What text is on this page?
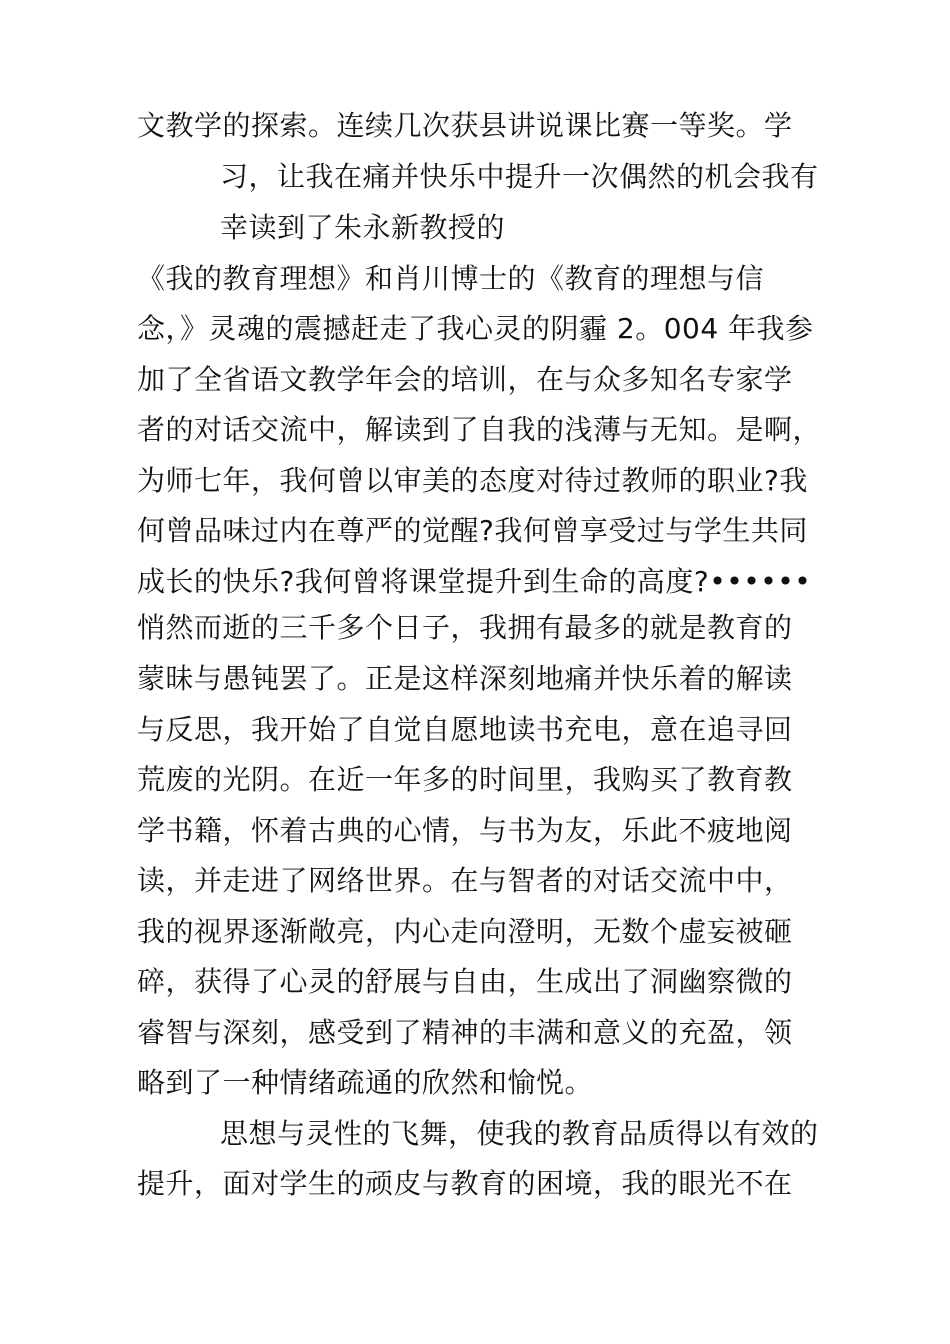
文教学的探索。连续几次获县讲说课比赛一等奖。学
习，让我在痛并快乐中提升一次偶然的机会我有
幸读到了朱永新教授的
《我的教育理想》和肖川博士的《教育的理想与信
念，》灵魂的震撼赶走了我心灵的阴霾 2。004 年我参
加了全省语文教学年会的培训，在与众多知名专家学
者的对话交流中，解读到了自我的浅薄与无知。是啊，
为师七年，我何曾以审美的态度对待过教师的职业?我
何曾品味过内在尊严的觉醒?我何曾享受过与学生共同
成长的快乐?我何曾将课堂提升到生命的高度?••••••
悄然而逝的三千多个日子，我拥有最多的就是教育的
蒙昧与愚钝罢了。正是这样深刻地痛并快乐着的解读
与反思，我开始了自觉自愿地读书充电，意在追寻回
荒废的光阴。在近一年多的时间里，我购买了教育教
学书籍，怀着古典的心情，与书为友，乐此不疲地阅
读，并走进了网络世界。在与智者的对话交流中中，
我的视界逐渐敞亮，内心走向澄明，无数个虚妄被砸
碎，获得了心灵的舒展与自由，生成出了洞幽察微的
睿智与深刻，感受到了精神的丰满和意义的充盈，领
略到了一种情绪疏通的欣然和愉悦。
思想与灵性的飞舞，使我的教育品质得以有效的
提升，面对学生的顽皮与教育的困境，我的眼光不在
